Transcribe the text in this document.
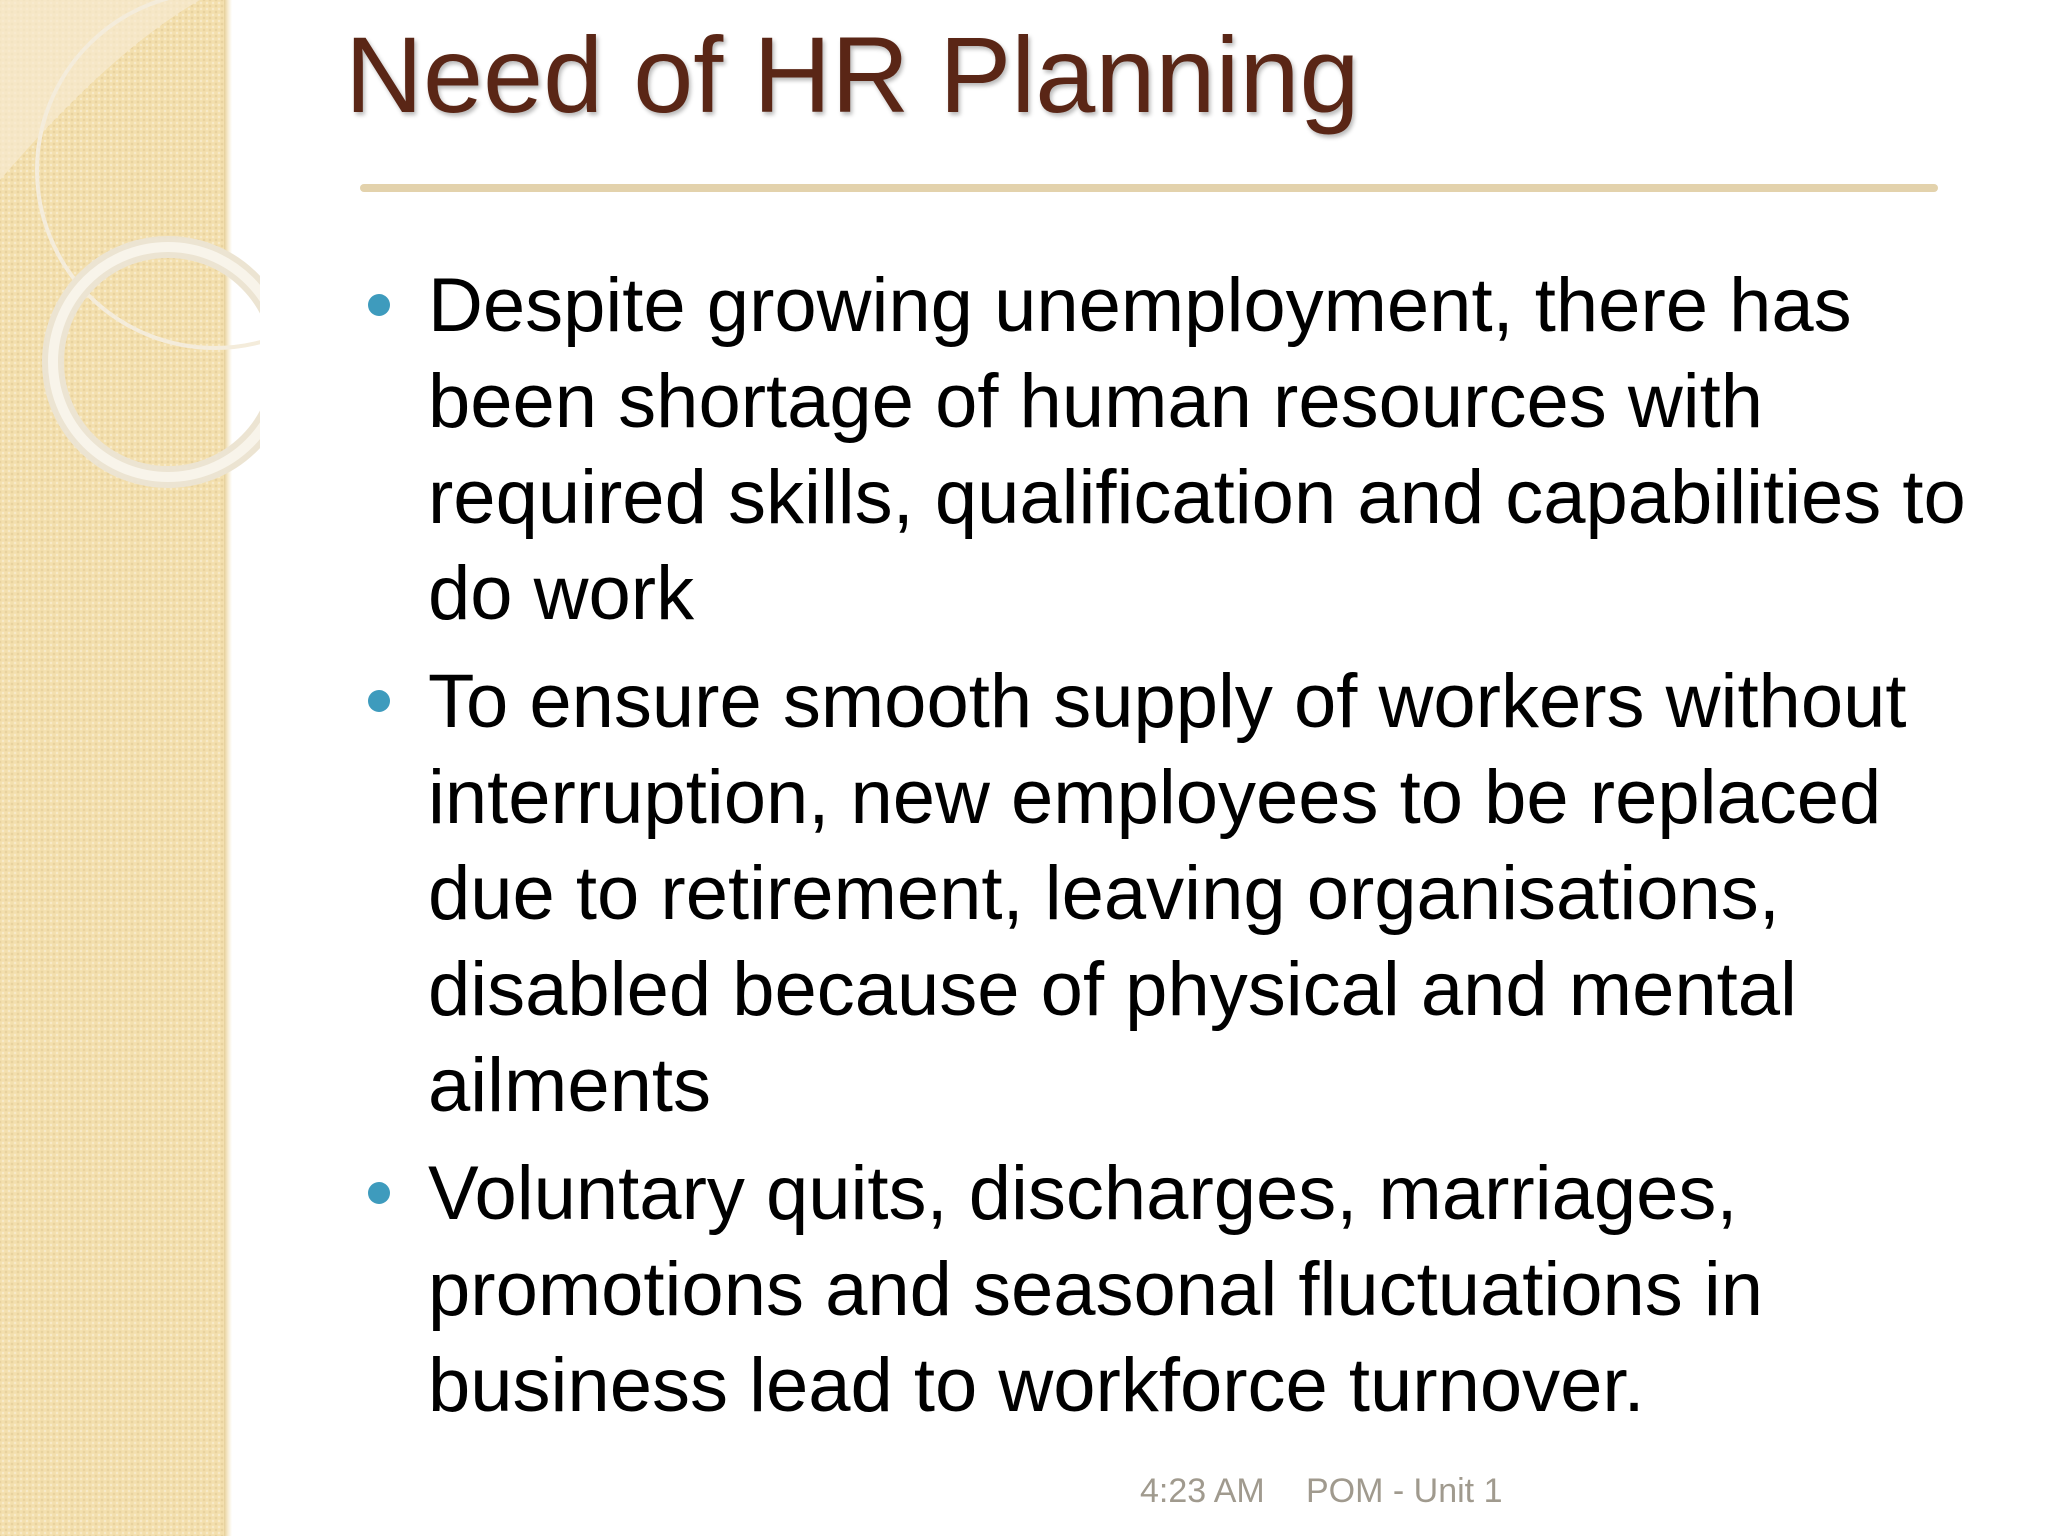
Need of HR Planning
Despite growing unemployment, there has been shortage of human resources with required skills, qualification and capabilities to do work
To ensure smooth supply of workers without interruption, new employees to be replaced due to retirement, leaving organisations, disabled because of physical and mental ailments
Voluntary quits, discharges, marriages, promotions and seasonal fluctuations in business lead to workforce turnover.
4:23 AM POM - Unit 1
